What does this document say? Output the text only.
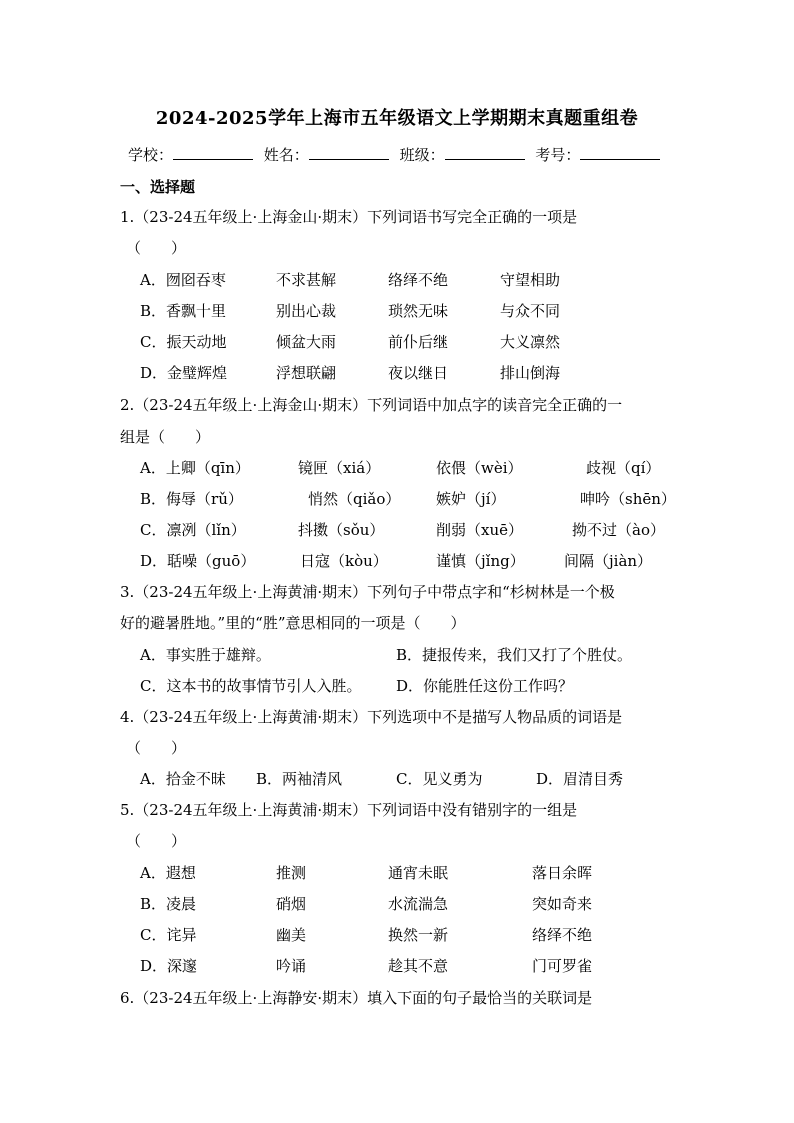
2024-2025学年上海市五年级语文上学期期末真题重组卷
学校：	姓名：	班级：	考号：
一、选择题
1.（23-24五年级上·上海金山·期末）下列词语书写完全正确的一项是
（　　）
A．囫囵吞枣	不求甚解	络绎不绝	守望相助
B．香飘十里	别出心裁	琐然无味	与众不同
C．振天动地	倾盆大雨	前仆后继	大义凛然
D．金璧辉煌	浮想联翩	夜以继日	排山倒海
2.（23-24五年级上·上海金山·期末）下列词语中加点字的读音完全正确的一
组是（　　）
A．上卿（qīn）	镜匣（xiá）	依偎（wèi）	歧视（qí）
B．侮辱（rǔ）	悄然（qiǎo） 嫉妒（jí）	呻吟（shēn）
C．凛冽（lǐn）	抖擞（sǒu）	削弱（xuē）	拗不过（ào）
D．聒噪（guō）	日寇（kòu）	谨慎（jǐng）	间隔（jiàn）
3.（23-24五年级上·上海黄浦·期末）下列句子中带点字和“杉树林是一个极
好的避暑胜地。”里的“胜”意思相同的一项是（　　）
A．事实胜于雄辩。	B．捷报传来，我们又打了个胜仗。
C．这本书的故事情节引人入胜。 D．你能胜任这份工作吗？
4.（23-24五年级上·上海黄浦·期末）下列选项中不是描写人物品质的词语是
（　　）
A．拾金不昧 B．两袖清风	C．见义勇为	D．眉清目秀
5.（23-24五年级上·上海黄浦·期末）下列词语中没有错别字的一组是
（　　）
A．遐想	推测	通宵未眠	落日余晖
B．凌晨	硝烟	水流湍急	突如奇来
C．诧异	幽美	换然一新	络绎不绝
D．深邃	吟诵	趁其不意	门可罗雀
6.（23-24五年级上·上海静安·期末）填入下面的句子最恰当的关联词是
